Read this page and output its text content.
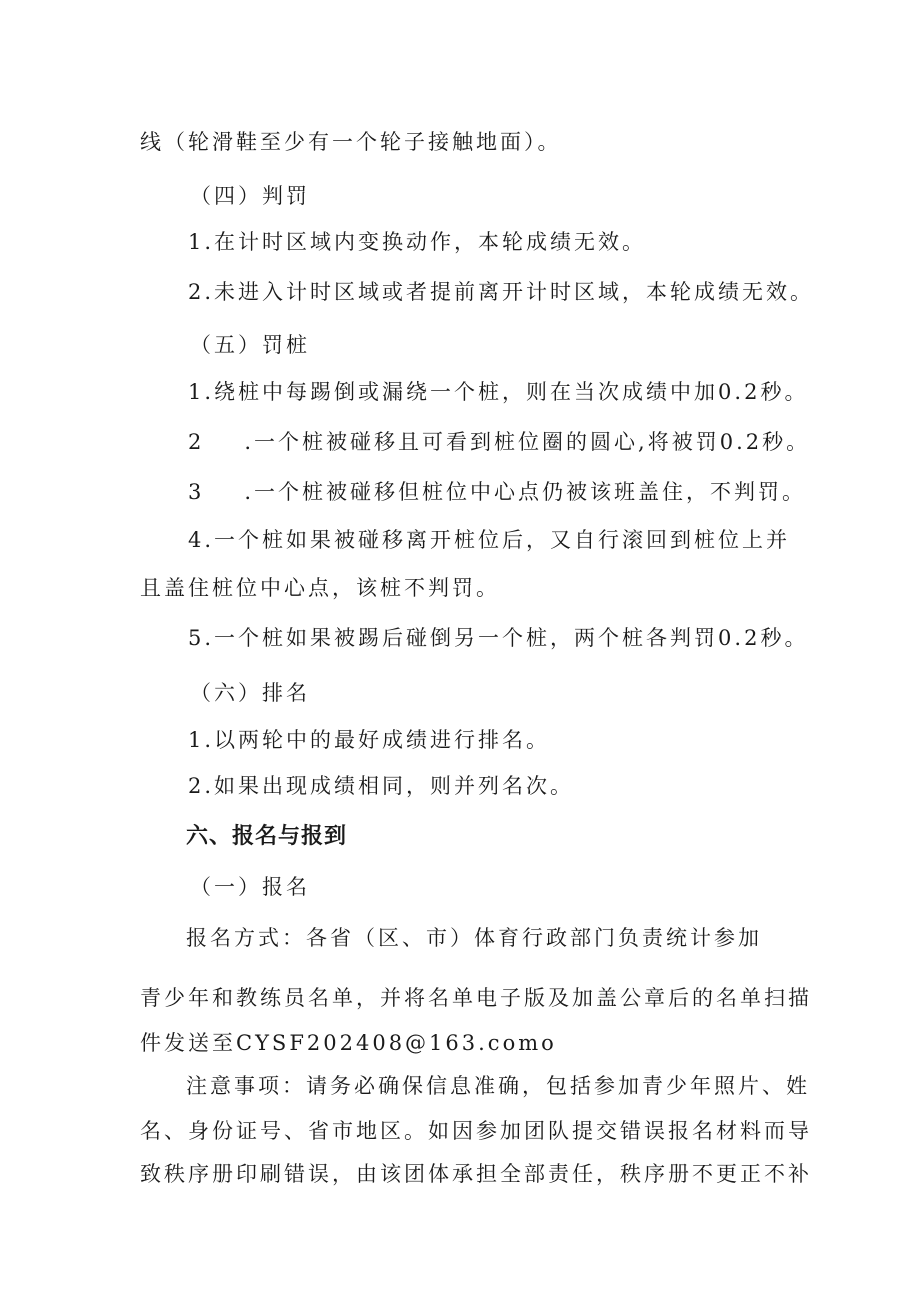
线（轮滑鞋至少有一个轮子接触地面）。
（四）判罚
1.在计时区域内变换动作，本轮成绩无效。
2.未进入计时区域或者提前离开计时区域，本轮成绩无效。
（五）罚桩
1.绕桩中每踢倒或漏绕一个桩，则在当次成绩中加0.2秒。
2 .一个桩被碰移且可看到桩位圈的圆心,将被罚0.2秒。
3 .一个桩被碰移但桩位中心点仍被该班盖住，不判罚。
4.一个桩如果被碰移离开桩位后，又自行滚回到桩位上并
且盖住桩位中心点，该桩不判罚。
5.一个桩如果被踢后碰倒另一个桩，两个桩各判罚0.2秒。
（六）排名
1.以两轮中的最好成绩进行排名。
2.如果出现成绩相同，则并列名次。
六、报名与报到
（一）报名
报名方式：各省（区、市）体育行政部门负责统计参加
青少年和教练员名单，并将名单电子版及加盖公章后的名单扫描
件发送至CYSF202408@163.como
注意事项：请务必确保信息准确，包括参加青少年照片、姓
名、身份证号、省市地区。如因参加团队提交错误报名材料而导
致秩序册印刷错误，由该团体承担全部责任，秩序册不更正不补
